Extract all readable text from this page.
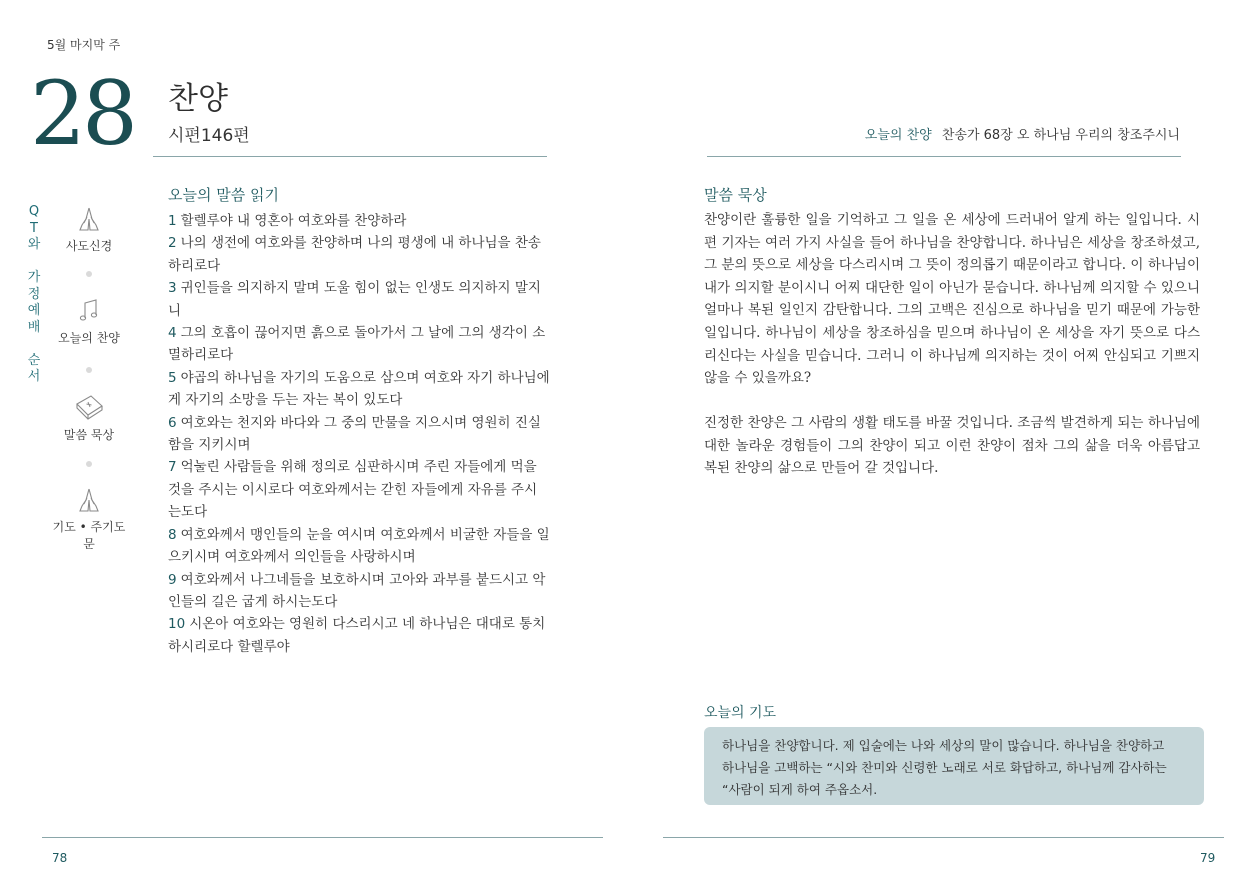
5월 마지막 주
28 찬양
시편146편	오늘의 찬양 찬송가 68장 오 하나님 우리의 창조주시니
Q
T
와

가
정
예
배

순
서
사도신경
오늘의 찬양
말씀 묵상
기도 • 주기도문
오늘의 말씀 읽기
1 할렐루야 내 영혼아 여호와를 찬양하라
2 나의 생전에 여호와를 찬양하며 나의 평생에 내 하나님을 찬송하리로다
3 귀인들을 의지하지 말며 도울 힘이 없는 인생도 의지하지 말지니
4 그의 호흡이 끊어지면 흙으로 돌아가서 그 날에 그의 생각이 소멸하리로다
5 야곱의 하나님을 자기의 도움으로 삼으며 여호와 자기 하나님에게 자기의 소망을 두는 자는 복이 있도다
6 여호와는 천지와 바다와 그 중의 만물을 지으시며 영원히 진실함을 지키시며
7 억눌린 사람들을 위해 정의로 심판하시며 주린 자들에게 먹을 것을 주시는 이시로다 여호와께서는 갇힌 자들에게 자유를 주시는도다
8 여호와께서 맹인들의 눈을 여시며 여호와께서 비굴한 자들을 일으키시며 여호와께서 의인들을 사랑하시며
9 여호와께서 나그네들을 보호하시며 고아와 과부를 붙드시고 악인들의 길은 굽게 하시는도다
10 시온아 여호와는 영원히 다스리시고 네 하나님은 대대로 통치하시리로다 할렐루야
말씀 묵상
찬양이란 훌륭한 일을 기억하고 그 일을 온 세상에 드러내어 알게 하는 일입니다. 시편 기자는 여러 가지 사실을 들어 하나님을 찬양합니다. 하나님은 세상을 창조하셨고, 그 분의 뜻으로 세상을 다스리시며 그 뜻이 정의롭기 때문이라고 합니다. 이 하나님이 내가 의지할 분이시니 어찌 대단한 일이 아닌가 묻습니다. 하나님께 의지할 수 있으니 얼마나 복된 일인지 감탄합니다. 그의 고백은 진심으로 하나님을 믿기 때문에 가능한 일입니다. 하나님이 세상을 창조하심을 믿으며 하나님이 온 세상을 자기 뜻으로 다스리신다는 사실을 믿습니다. 그러니 이 하나님께 의지하는 것이 어찌 안심되고 기쁘지 않을 수 있을까요?
진정한 찬양은 그 사람의 생활 태도를 바꿀 것입니다. 조금씩 발견하게 되는 하나님에 대한 놀라운 경험들이 그의 찬양이 되고 이런 찬양이 점차 그의 삶을 더욱 아름답고 복된 찬양의 삶으로 만들어 갈 것입니다.
오늘의 기도
하나님을 찬양합니다. 제 입술에는 나와 세상의 말이 많습니다. 하나님을 찬양하고
하나님을 고백하는 “시와 찬미와 신령한 노래로 서로 화답하고, 하나님께 감사하는
“사람이 되게 하여 주옵소서.
78	79
